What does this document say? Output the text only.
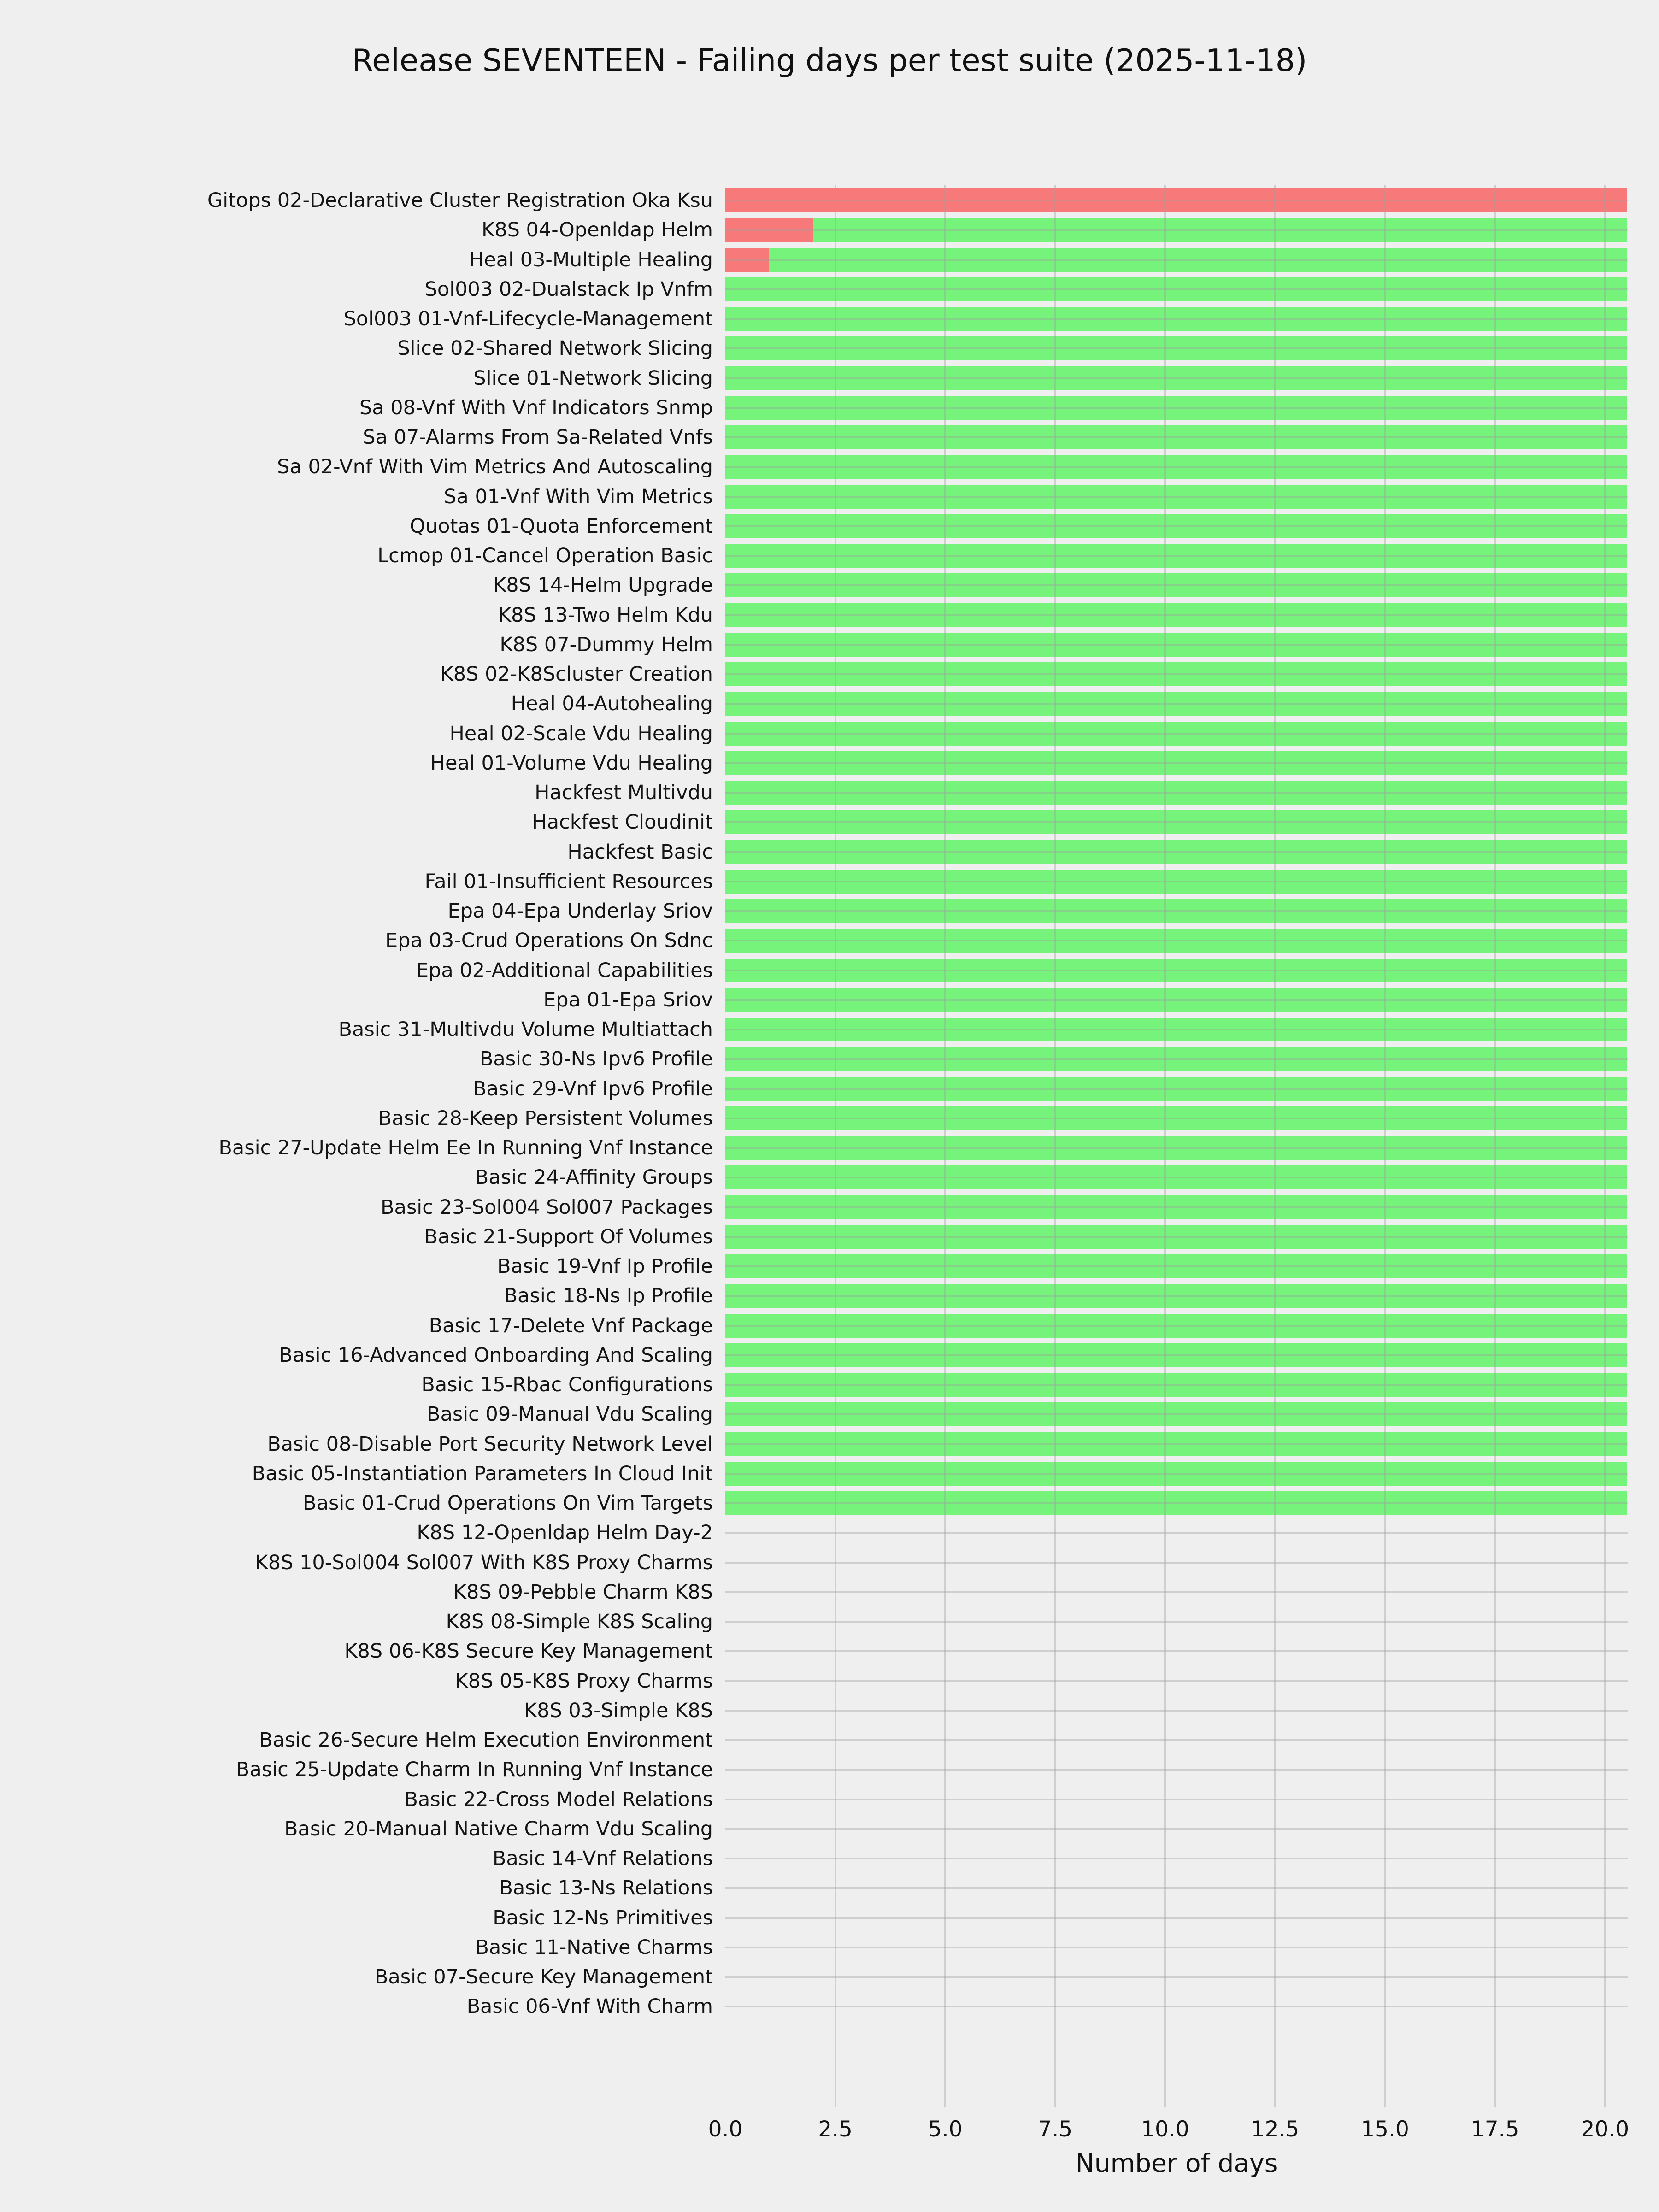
Release SEVENTEEN - Failing days per test suite (2025-11-18)
Gitops 02-Declarative Cluster Registration Oka Ksu
K8S 04-Openldap Helm
Heal 03-Multiple Healing
Sol003 02-Dualstack Ip Vnfm
Sol003 01-Vnf-Lifecycle-Management
Slice 02-Shared Network Slicing
Slice 01-Network Slicing
Sa 08-Vnf With Vnf Indicators Snmp
Sa 07-Alarms From Sa-Related Vnfs
Sa 02-Vnf With Vim Metrics And Autoscaling
Sa 01-Vnf With Vim Metrics
Quotas 01-Quota Enforcement
Lcmop 01-Cancel Operation Basic
K8S 14-Helm Upgrade
K8S 13-Two Helm Kdu
K8S 07-Dummy Helm
K8S 02-K8Scluster Creation
Heal 04-Autohealing
Heal 02-Scale Vdu Healing
Heal 01-Volume Vdu Healing
Hackfest Multivdu
Hackfest Cloudinit
Hackfest Basic
Fail 01-Insufficient Resources
Epa 04-Epa Underlay Sriov
Epa 03-Crud Operations On Sdnc
Epa 02-Additional Capabilities
Epa 01-Epa Sriov
Basic 31-Multivdu Volume Multiattach
Basic 30-Ns Ipv6 Profile
Basic 29-Vnf Ipv6 Profile
Basic 28-Keep Persistent Volumes
Basic 27-Update Helm Ee In Running Vnf Instance
Basic 24-Affinity Groups
Basic 23-Sol004 Sol007 Packages
Basic 21-Support Of Volumes
Basic 19-Vnf Ip Profile
Basic 18-Ns Ip Profile
Basic 17-Delete Vnf Package
Basic 16-Advanced Onboarding And Scaling
Basic 15-Rbac Configurations
Basic 09-Manual Vdu Scaling
Basic 08-Disable Port Security Network Level
Basic 05-Instantiation Parameters In Cloud Init
Basic 01-Crud Operations On Vim Targets
K8S 12-Openldap Helm Day-2
K8S 10-Sol004 Sol007 With K8S Proxy Charms
K8S 09-Pebble Charm K8S
K8S 08-Simple K8S Scaling
K8S 06-K8S Secure Key Management
K8S 05-K8S Proxy Charms
K8S 03-Simple K8S
Basic 26-Secure Helm Execution Environment
Basic 25-Update Charm In Running Vnf Instance
Basic 22-Cross Model Relations
Basic 20-Manual Native Charm Vdu Scaling
Basic 14-Vnf Relations
Basic 13-Ns Relations
Basic 12-Ns Primitives
Basic 11-Native Charms
Basic 07-Secure Key Management
Basic 06-Vnf With Charm
0.0	2.5	5.0	7.5	10.0	12.5	15.0	17.5	20.0
Number of days
